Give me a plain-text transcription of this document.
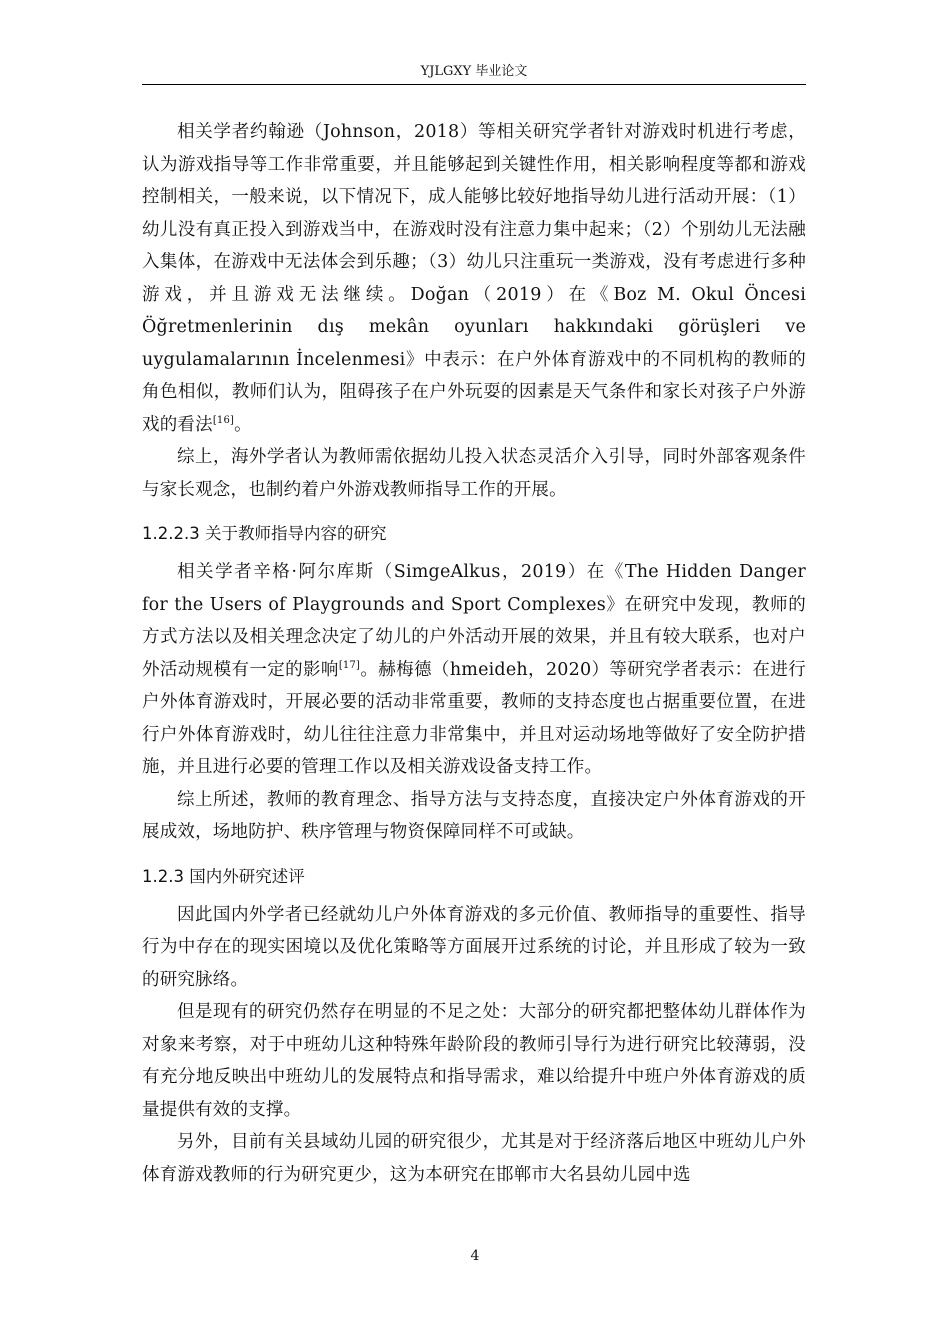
YJLGXY 毕业论文

相关学者约翰逊（Johnson，2018）等相关研究学者针对游戏时机进行考虑，认为游戏指导等工作非常重要，并且能够起到关键性作用，相关影响程度等都和游戏控制相关，一般来说，以下情况下，成人能够比较好地指导幼儿进行活动开展：（1）幼儿没有真正投入到游戏当中，在游戏时没有注意力集中起来；（2）个别幼儿无法融入集体，在游戏中无法体会到乐趣；（3）幼儿只注重玩一类游戏，没有考虑进行多种游戏，并且游戏无法继续。Doğan（2019）在《Boz M. Okul Öncesi Öğretmenlerinin dış mekân oyunları hakkındaki görüşleri ve uygulamalarının İncelenmesi》中表示：在户外体育游戏中的不同机构的教师的角色相似，教师们认为，阻碍孩子在户外玩耍的因素是天气条件和家长对孩子户外游戏的看法[16]。

综上，海外学者认为教师需依据幼儿投入状态灵活介入引导，同时外部客观条件与家长观念，也制约着户外游戏教师指导工作的开展。

1.2.2.3 关于教师指导内容的研究

相关学者辛格·阿尔库斯（SimgeAlkus，2019）在《The Hidden Danger for the Users of Playgrounds and Sport Complexes》在研究中发现，教师的方式方法以及相关理念决定了幼儿的户外活动开展的效果，并且有较大联系，也对户外活动规模有一定的影响[17]。赫梅德（hmeideh，2020）等研究学者表示：在进行户外体育游戏时，开展必要的活动非常重要，教师的支持态度也占据重要位置，在进行户外体育游戏时，幼儿往往注意力非常集中，并且对运动场地等做好了安全防护措施，并且进行必要的管理工作以及相关游戏设备支持工作。

综上所述，教师的教育理念、指导方法与支持态度，直接决定户外体育游戏的开展成效，场地防护、秩序管理与物资保障同样不可或缺。

1.2.3 国内外研究述评

因此国内外学者已经就幼儿户外体育游戏的多元价值、教师指导的重要性、指导行为中存在的现实困境以及优化策略等方面展开过系统的讨论，并且形成了较为一致的研究脉络。

但是现有的研究仍然存在明显的不足之处：大部分的研究都把整体幼儿群体作为对象来考察，对于中班幼儿这种特殊年龄阶段的教师引导行为进行研究比较薄弱，没有充分地反映出中班幼儿的发展特点和指导需求，难以给提升中班户外体育游戏的质量提供有效的支撑。

另外，目前有关县域幼儿园的研究很少，尤其是对于经济落后地区中班幼儿户外体育游戏教师的行为研究更少，这为本研究在邯郸市大名县幼儿园中选

4
